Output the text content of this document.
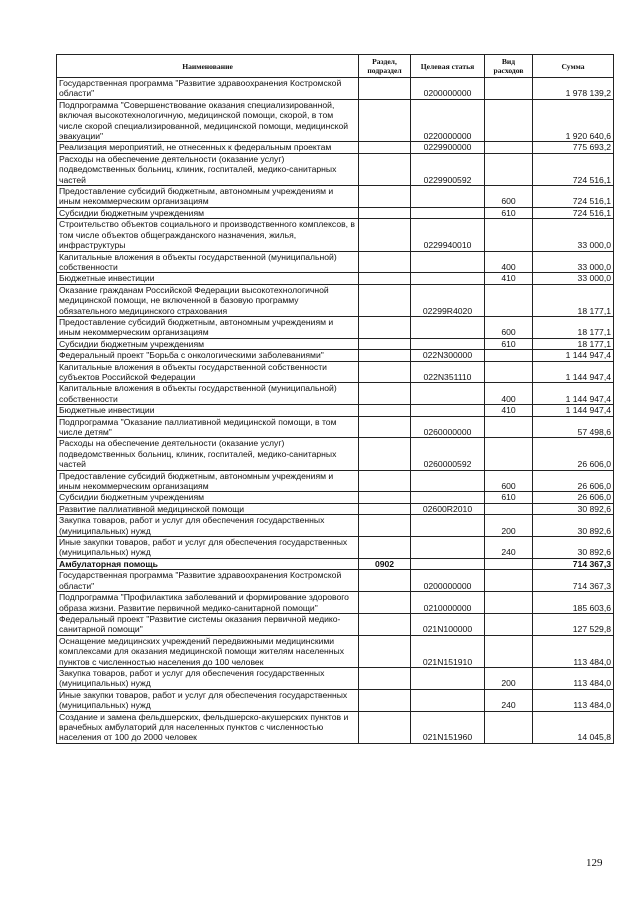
Наименование	Раздел, подраздел	Целевая статья	Вид расходов	Сумма
Государственная программа "Развитие здравоохранения Костромской области"		0200000000		1 978 139,2
Подпрограмма "Совершенствование оказания специализированной, включая высокотехнологичную, медицинской помощи, скорой, в том числе скорой специализированной, медицинской помощи, медицинской эвакуации"		0220000000		1 920 640,6
Реализация мероприятий, не отнесенных к федеральным проектам		0229900000		775 693,2
Расходы на обеспечение деятельности (оказание услуг) подведомственных больниц, клиник, госпиталей, медико-санитарных частей		0229900592		724 516,1
Предоставление субсидий бюджетным, автономным учреждениям и иным некоммерческим организациям			600	724 516,1
Субсидии бюджетным учреждениям			610	724 516,1
Строительство объектов социального и производственного комплексов, в том числе объектов общегражданского назначения, жилья, инфраструктуры		0229940010		33 000,0
Капитальные вложения в объекты государственной (муниципальной) собственности			400	33 000,0
Бюджетные инвестиции			410	33 000,0
Оказание гражданам Российской Федерации высокотехнологичной медицинской помощи, не включенной в базовую программу обязательного медицинского страхования		02299R4020		18 177,1
Предоставление субсидий бюджетным, автономным учреждениям и иным некоммерческим организациям			600	18 177,1
Субсидии бюджетным учреждениям			610	18 177,1
Федеральный проект "Борьба с онкологическими заболеваниями"		022N300000		1 144 947,4
Капитальные вложения в объекты государственной собственности субъектов Российской Федерации		022N351110		1 144 947,4
Капитальные вложения в объекты государственной (муниципальной) собственности			400	1 144 947,4
Бюджетные инвестиции			410	1 144 947,4
Подпрограмма "Оказание паллиативной медицинской помощи, в том числе детям"		0260000000		57 498,6
Расходы на обеспечение деятельности (оказание услуг) подведомственных больниц, клиник, госпиталей, медико-санитарных частей		0260000592		26 606,0
Предоставление субсидий бюджетным, автономным учреждениям и иным некоммерческим организациям			600	26 606,0
Субсидии бюджетным учреждениям			610	26 606,0
Развитие паллиативной медицинской помощи		02600R2010		30 892,6
Закупка товаров, работ и услуг для обеспечения государственных (муниципальных) нужд			200	30 892,6
Иные закупки товаров, работ и услуг для обеспечения государственных (муниципальных) нужд			240	30 892,6
Амбулаторная помощь	0902			714 367,3
Государственная программа "Развитие здравоохранения Костромской области"		0200000000		714 367,3
Подпрограмма "Профилактика заболеваний и формирование здорового образа жизни. Развитие первичной медико-санитарной помощи"		0210000000		185 603,6
Федеральный проект "Развитие системы оказания первичной медико-санитарной помощи"		021N100000		127 529,8
Оснащение медицинских учреждений передвижными медицинскими комплексами для оказания медицинской помощи жителям населенных пунктов с численностью населения до 100 человек		021N151910		113 484,0
Закупка товаров, работ и услуг для обеспечения государственных (муниципальных) нужд			200	113 484,0
Иные закупки товаров, работ и услуг для обеспечения государственных (муниципальных) нужд			240	113 484,0
Создание и замена фельдшерских, фельдшерско-акушерских пунктов и врачебных амбулаторий для населенных пунктов с численностью населения от 100 до 2000 человек		021N151960		14 045,8
129
